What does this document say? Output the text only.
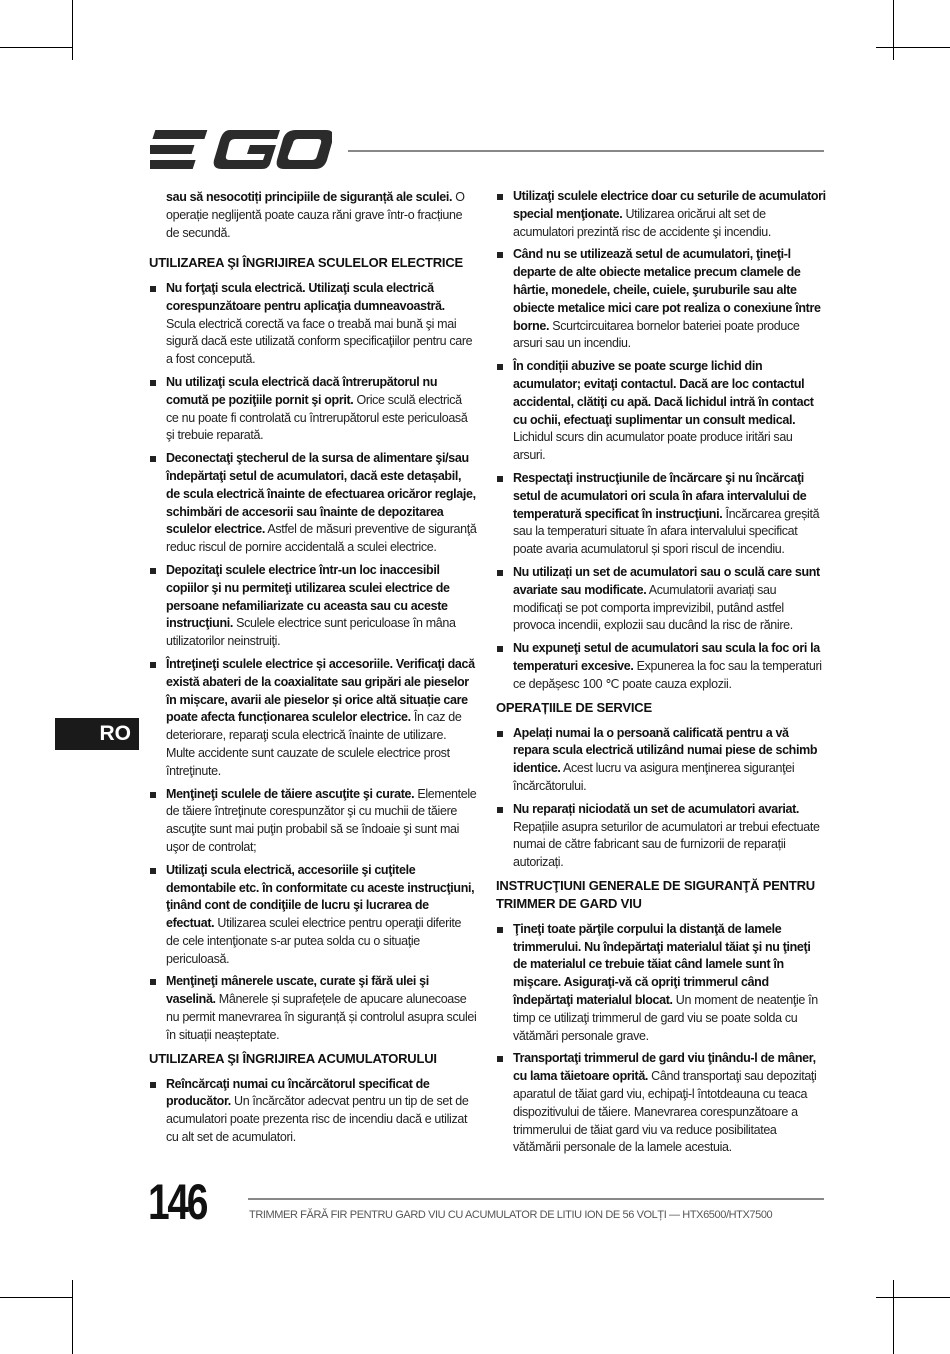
sau să nesocotiți principiile de siguranță ale sculei. O operație neglijentă poate cauza răni grave într-o fracțiune de secundă.

UTILIZAREA ŞI ÎNGRIJIREA SCULELOR ELECTRICE
Nu forţaţi scula electrică. Utilizaţi scula electrică corespunzătoare pentru aplicaţia dumneavoastră. Scula electrică corectă va face o treabă mai bună şi mai sigură dacă este utilizată conform specificaţiilor pentru care a fost concepută.
Nu utilizaţi scula electrică dacă întrerupătorul nu comută pe poziţiile pornit şi oprit. Orice sculă electrică ce nu poate fi controlată cu întrerupătorul este periculoasă şi trebuie reparată.
Deconectaţi ştecherul de la sursa de alimentare şi/sau îndepărtaţi setul de acumulatori, dacă este detașabil, de scula electrică înainte de efectuarea oricăror reglaje, schimbări de accesorii sau înainte de depozitarea sculelor electrice. Astfel de măsuri preventive de siguranţă reduc riscul de pornire accidentală a sculei electrice.
Depozitaţi sculele electrice într-un loc inaccesibil copiilor şi nu permiteţi utilizarea sculei electrice de persoane nefamiliarizate cu aceasta sau cu aceste instrucţiuni. Sculele electrice sunt periculoase în mâna utilizatorilor neinstruiţi.
Întreţineţi sculele electrice și accesoriile. Verificaţi dacă există abateri de la coaxialitate sau gripări ale pieselor în mișcare, avarii ale pieselor și orice altă situație care poate afecta funcționarea sculelor electrice. În caz de deteriorare, reparaţi scula electrică înainte de utilizare. Multe accidente sunt cauzate de sculele electrice prost întreţinute.
Menţineţi sculele de tăiere ascuţite şi curate. Elementele de tăiere întreţinute corespunzător şi cu muchii de tăiere ascuţite sunt mai puţin probabil să se îndoaie şi sunt mai uşor de controlat;
Utilizaţi scula electrică, accesoriile şi cuţitele demontabile etc. în conformitate cu aceste instrucţiuni, ţinând cont de condiţiile de lucru şi lucrarea de efectuat. Utilizarea sculei electrice pentru operaţii diferite de cele intenţionate s-ar putea solda cu o situaţie periculoasă.
Menţineţi mânerele uscate, curate şi fără ulei şi vaselină. Mânerele și suprafețele de apucare alunecoase nu permit manevrarea în siguranță și controlul asupra sculei în situații neașteptate.
UTILIZAREA ŞI ÎNGRIJIREA ACUMULATORULUI
Reîncărcaţi numai cu încărcătorul specificat de producător. Un încărcător adecvat pentru un tip de set de acumulatori poate prezenta risc de incendiu dacă e utilizat cu alt set de acumulatori.
Utilizaţi sculele electrice doar cu seturile de acumulatori special menţionate. Utilizarea oricărui alt set de acumulatori prezintă risc de accidente şi incendiu.
Când nu se utilizează setul de acumulatori, ţineţi-l departe de alte obiecte metalice precum clamele de hârtie, monedele, cheile, cuiele, şuruburile sau alte obiecte metalice mici care pot realiza o conexiune între borne. Scurtcircuitarea bornelor bateriei poate produce arsuri sau un incendiu.
În condiții abuzive se poate scurge lichid din acumulator; evitaţi contactul. Dacă are loc contactul accidental, clătiţi cu apă. Dacă lichidul intră în contact cu ochii, efectuaţi suplimentar un consult medical. Lichidul scurs din acumulator poate produce iritări sau arsuri.
Respectaţi instrucţiunile de încărcare şi nu încărcaţi setul de acumulatori ori scula în afara intervalului de temperatură specificat în instrucţiuni. Încărcarea greșită sau la temperaturi situate în afara intervalului specificat poate avaria acumulatorul și spori riscul de incendiu.
Nu utilizați un set de acumulatori sau o sculă care sunt avariate sau modificate. Acumulatorii avariați sau modificați se pot comporta imprevizibil, putând astfel provoca incendii, explozii sau ducând la risc de rănire.
Nu expuneţi setul de acumulatori sau scula la foc ori la temperaturi excesive. Expunerea la foc sau la temperaturi ce depășesc 100 ℃ poate cauza explozii.
OPERAȚIILE DE SERVICE
Apelați numai la o persoană calificată pentru a vă repara scula electrică utilizând numai piese de schimb identice. Acest lucru va asigura menţinerea siguranţei încărcătorului.
Nu reparați niciodată un set de acumulatori avariat. Repațiile asupra seturilor de acumulatori ar trebui efectuate numai de către fabricant sau de furnizorii de reparații autorizați.
INSTRUCŢIUNI GENERALE DE SIGURANŢĂ PENTRU TRIMMER DE GARD VIU
Ţineţi toate părţile corpului la distanţă de lamele trimmerului. Nu îndepărtaţi materialul tăiat şi nu ţineţi de materialul ce trebuie tăiat când lamele sunt în mişcare. Asiguraţi-vă că opriţi trimmerul când îndepărtaţi materialul blocat. Un moment de neatenţie în timp ce utilizaţi trimmerul de gard viu se poate solda cu vătămări personale grave.
Transportaţi trimmerul de gard viu ţinându-l de mâner, cu lama tăietoare oprită. Când transportaţi sau depozitaţi aparatul de tăiat gard viu, echipaţi-l întotdeauna cu teaca dispozitivului de tăiere. Manevrarea corespunzătoare a trimmerului de tăiat gard viu va reduce posibilitatea vătămării personale de la lamele acestuia.
RO
146	TRIMMER FĂRĂ FIR PENTRU GARD VIU CU ACUMULATOR DE LITIU ION DE 56 VOLȚI — HTX6500/HTX7500
